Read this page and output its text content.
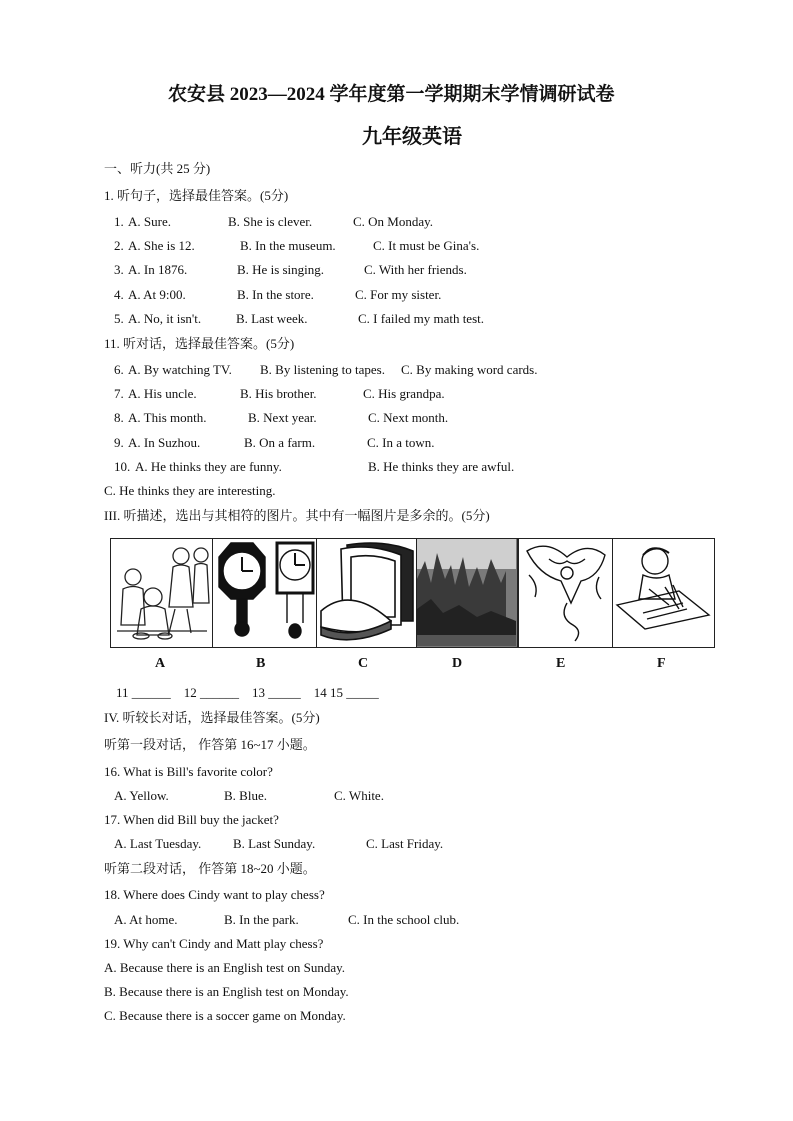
农安县 2023—2024 学年度第一学期期末学情调研试卷
九年级英语
一、听力(共 25 分)
1. 听句子，选择最佳答案。(5分)
1. A. Sure.	B. She is clever.	C. On Monday.
2. A. She is 12.	B. In the museum.	C. It must be Gina's.
3. A. In 1876.	B. He is singing.	C. With her friends.
4. A. At 9:00.	B. In the store.	C. For my sister.
5. A. No, it isn't.	B. Last week.	C. I failed my math test.
11. 听对话，选择最佳答案。(5分)
6. A. By watching TV. B. By listening to tapes. C. By making word cards.
7. A. His uncle.	B. His brother.	C. His grandpa.
8. A. This month.	B. Next year.	C. Next month.
9. A. In Suzhou.	B. On a farm.	C. In a town.
10. A. He thinks they are funny.	B. He thinks they are awful.
C. He thinks they are interesting.
III. 听描述，选出与其相符的图片。其中有一幅图片是多余的。(5分)
A	B	C	D	E	F
11 ______    12 ______    13 _____    14 15 _____
IV. 听较长对话，选择最佳答案。(5分)
听第一段对话， 作答第 16~17 小题。
16. What is Bill's favorite color?
A. Yellow.	B. Blue.	C. White.
17. When did Bill buy the jacket?
A. Last Tuesday. B. Last Sunday.	C. Last Friday.
听第二段对话， 作答第 18~20 小题。
18. Where does Cindy want to play chess?
A. At home.	B. In the park.	C. In the school club.
19. Why can't Cindy and Matt play chess?
A. Because there is an English test on Sunday.
B. Because there is an English test on Monday.
C. Because there is a soccer game on Monday.
